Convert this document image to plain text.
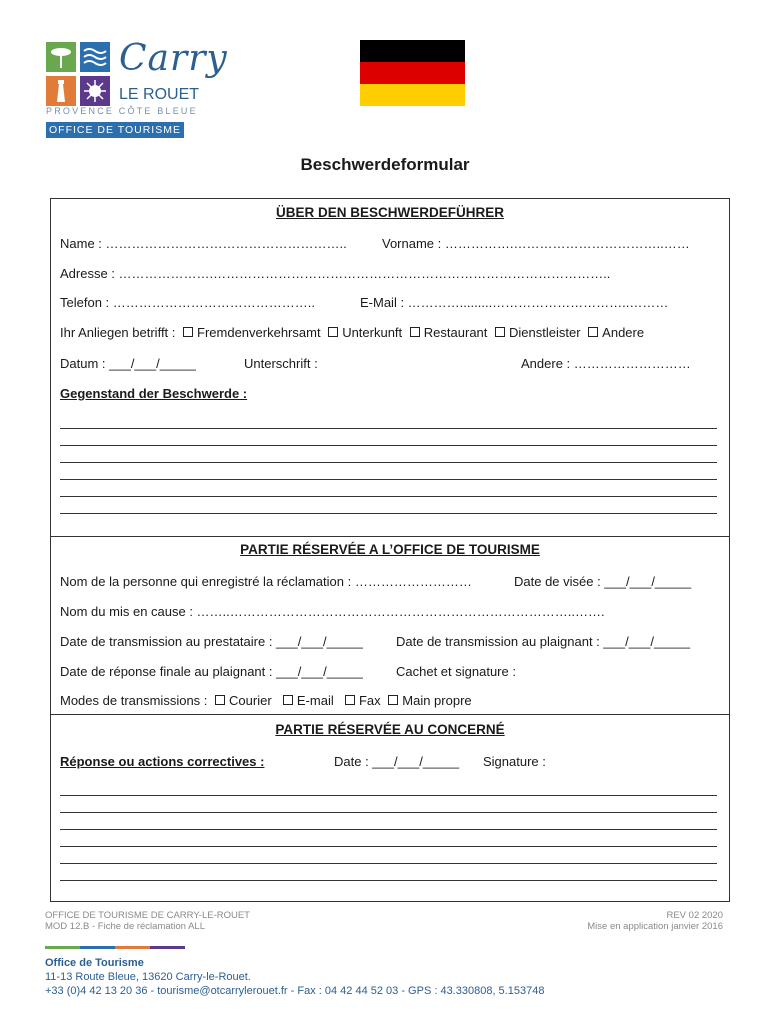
Carry
LE ROUET
PROVENCE CÔTE BLEUE
OFFICE DE TOURISME
Beschwerdeformular
ÜBER DEN BESCHWERDEFÜHRER
Name : ………………………………………………..	Vorname : …………….……………………………..……
Adresse : ………………….………………………………………………………………………………..
Telefon : ………………………………………..	E-Mail : ………….........…………………………..………
Ihr Anliegen betrifft : Fremdenverkehrsamt Unterkunft Restaurant Dienstleister Andere
Datum : ___/___/_____	Unterschrift :	Andere : ………………………
Gegenstand der Beschwerde :
PARTIE RÉSERVÉE A L’OFFICE DE TOURISME
Nom de la personne qui enregistré la réclamation : ………………………	Date de visée : ___/___/_____
Nom du mis en cause : ……..……………………………………………………………………..…….
Date de transmission au prestataire : ___/___/_____	Date de transmission au plaignant : ___/___/_____
Date de réponse finale au plaignant : ___/___/_____	Cachet et signature :
Modes de transmissions : Courier E-mail Fax Main propre
PARTIE RÉSERVÉE AU CONCERNÉ
Réponse ou actions correctives :	Date : ___/___/_____ Signature :
OFFICE DE TOURISME DE CARRY-LE-ROUET
MOD 12.B - Fiche de réclamation ALL
REV 02 2020
Mise en application janvier 2016
Office de Tourisme
11-13 Route Bleue, 13620 Carry-le-Rouet.
+33 (0)4 42 13 20 36 - tourisme@otcarrylerouet.fr - Fax : 04 42 44 52 03 - GPS : 43.330808, 5.153748
